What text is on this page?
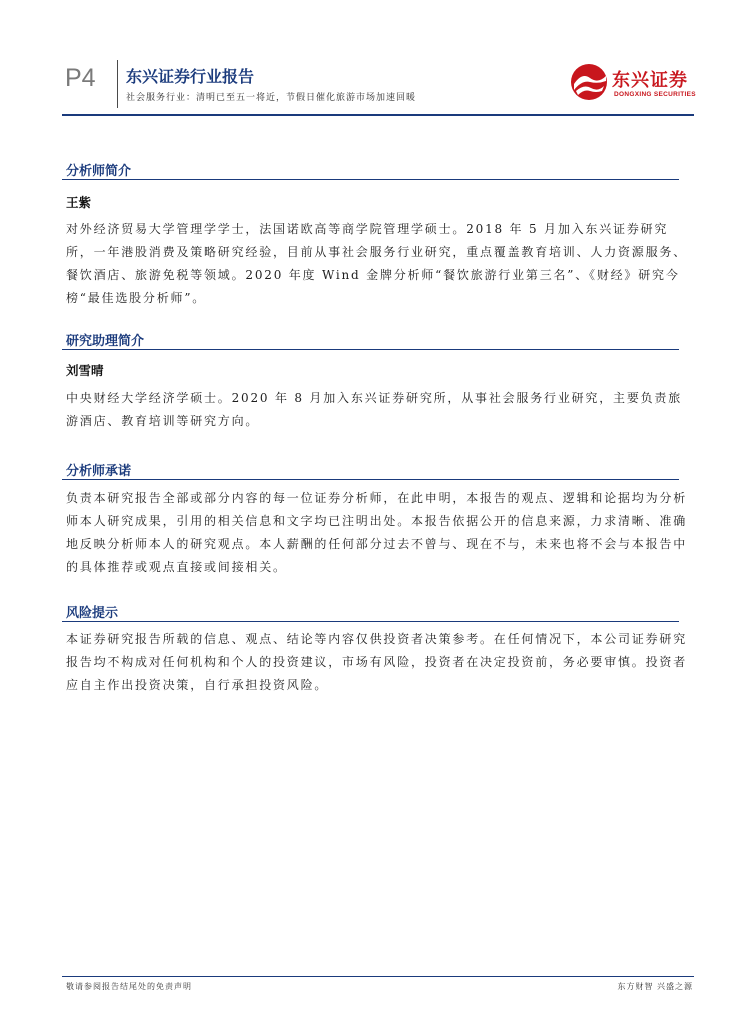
P4 东兴证券行业报告
社会服务行业：清明已至五一将近，节假日催化旅游市场加速回暖
东兴证券
DONGXING SECURITIES
分析师简介
王紫
对外经济贸易大学管理学学士，法国诺欧高等商学院管理学硕士。2018 年 5 月加入东兴证券研究所，一年港股消费及策略研究经验，目前从事社会服务行业研究，重点覆盖教育培训、人力资源服务、餐饮酒店、旅游免税等领域。2020 年度 Wind 金牌分析师“餐饮旅游行业第三名”、《财经》研究今榜“最佳选股分析师”。
研究助理简介
刘雪晴
中央财经大学经济学硕士。2020 年 8 月加入东兴证券研究所，从事社会服务行业研究，主要负责旅游酒店、教育培训等研究方向。
分析师承诺
负责本研究报告全部或部分内容的每一位证券分析师，在此申明，本报告的观点、逻辑和论据均为分析师本人研究成果，引用的相关信息和文字均已注明出处。本报告依据公开的信息来源，力求清晰、准确地反映分析师本人的研究观点。本人薪酬的任何部分过去不曾与、现在不与，未来也将不会与本报告中的具体推荐或观点直接或间接相关。
风险提示
本证券研究报告所载的信息、观点、结论等内容仅供投资者决策参考。在任何情况下，本公司证券研究报告均不构成对任何机构和个人的投资建议，市场有风险，投资者在决定投资前，务必要审慎。投资者应自主作出投资决策，自行承担投资风险。
敬请参阅报告结尾处的免责声明	东方财智 兴盛之源
